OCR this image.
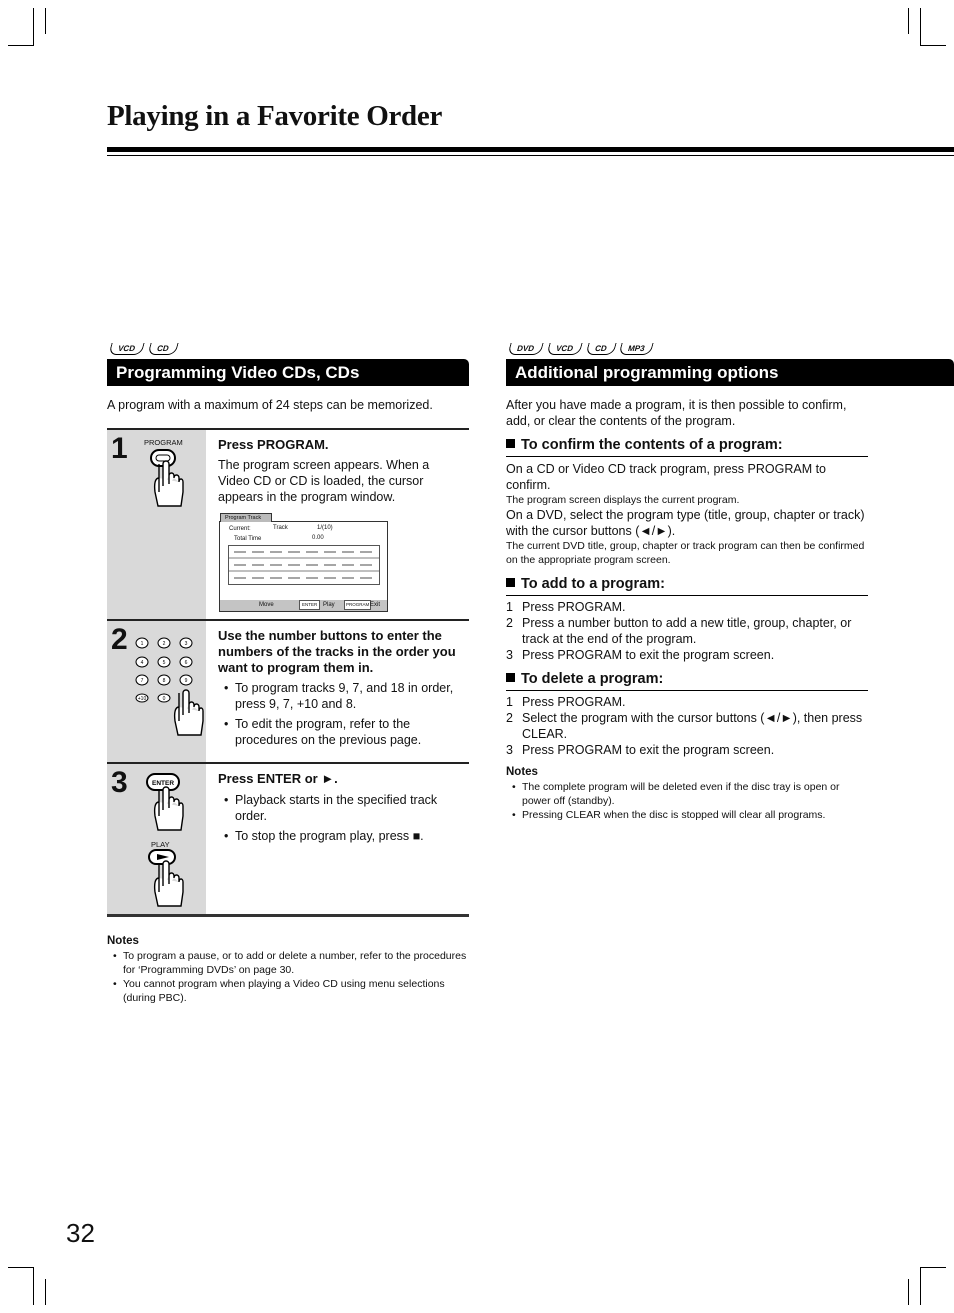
Playing in a Favorite Order
VCD	CD
Programming Video CDs, CDs
A program with a maximum of 24 steps can be memorized.
1 PROGRAM	Press PROGRAM.
The program screen appears. When a Video CD or CD is loaded, the cursor appears in the program window.
Program Track
Current:	Track	1/(10)
Total Time	0.00
Move	ENTER Play	PROGRAM Exit
2	1	2	3
4	5	6
7	8	9
+10	0
Use the number buttons to enter the numbers of the tracks in the order you want to program them in.
• To program tracks 9, 7, and 18 in order, press 9, 7, +10 and 8.
• To edit the program, refer to the procedures on the previous page.
3	ENTER
PLAY
Press ENTER or ►.
• Playback starts in the specified track order.
• To stop the program play, press ■.
Notes
• To program a pause, or to add or delete a number, refer to the procedures for ‘Programming DVDs’ on page 30.
• You cannot program when playing a Video CD using menu selections (during PBC).
DVD	VCD	CD	MP3
Additional programming options
After you have made a program, it is then possible to confirm, add, or clear the contents of the program.
To confirm the contents of a program:
On a CD or Video CD track program, press PROGRAM to confirm.
The program screen displays the current program.
On a DVD, select the program type (title, group, chapter or track) with the cursor buttons (◄/►).
The current DVD title, group, chapter or track program can then be confirmed on the appropriate program screen.
To add to a program:
1 Press PROGRAM.
2 Press a number button to add a new title, group, chapter, or track at the end of the program.
3 Press PROGRAM to exit the program screen.
To delete a program:
1 Press PROGRAM.
2 Select the program with the cursor buttons (◄/►), then press CLEAR.
3 Press PROGRAM to exit the program screen.
Notes
• The complete program will be deleted even if the disc tray is open or power off (standby).
• Pressing CLEAR when the disc is stopped will clear all programs.
32
